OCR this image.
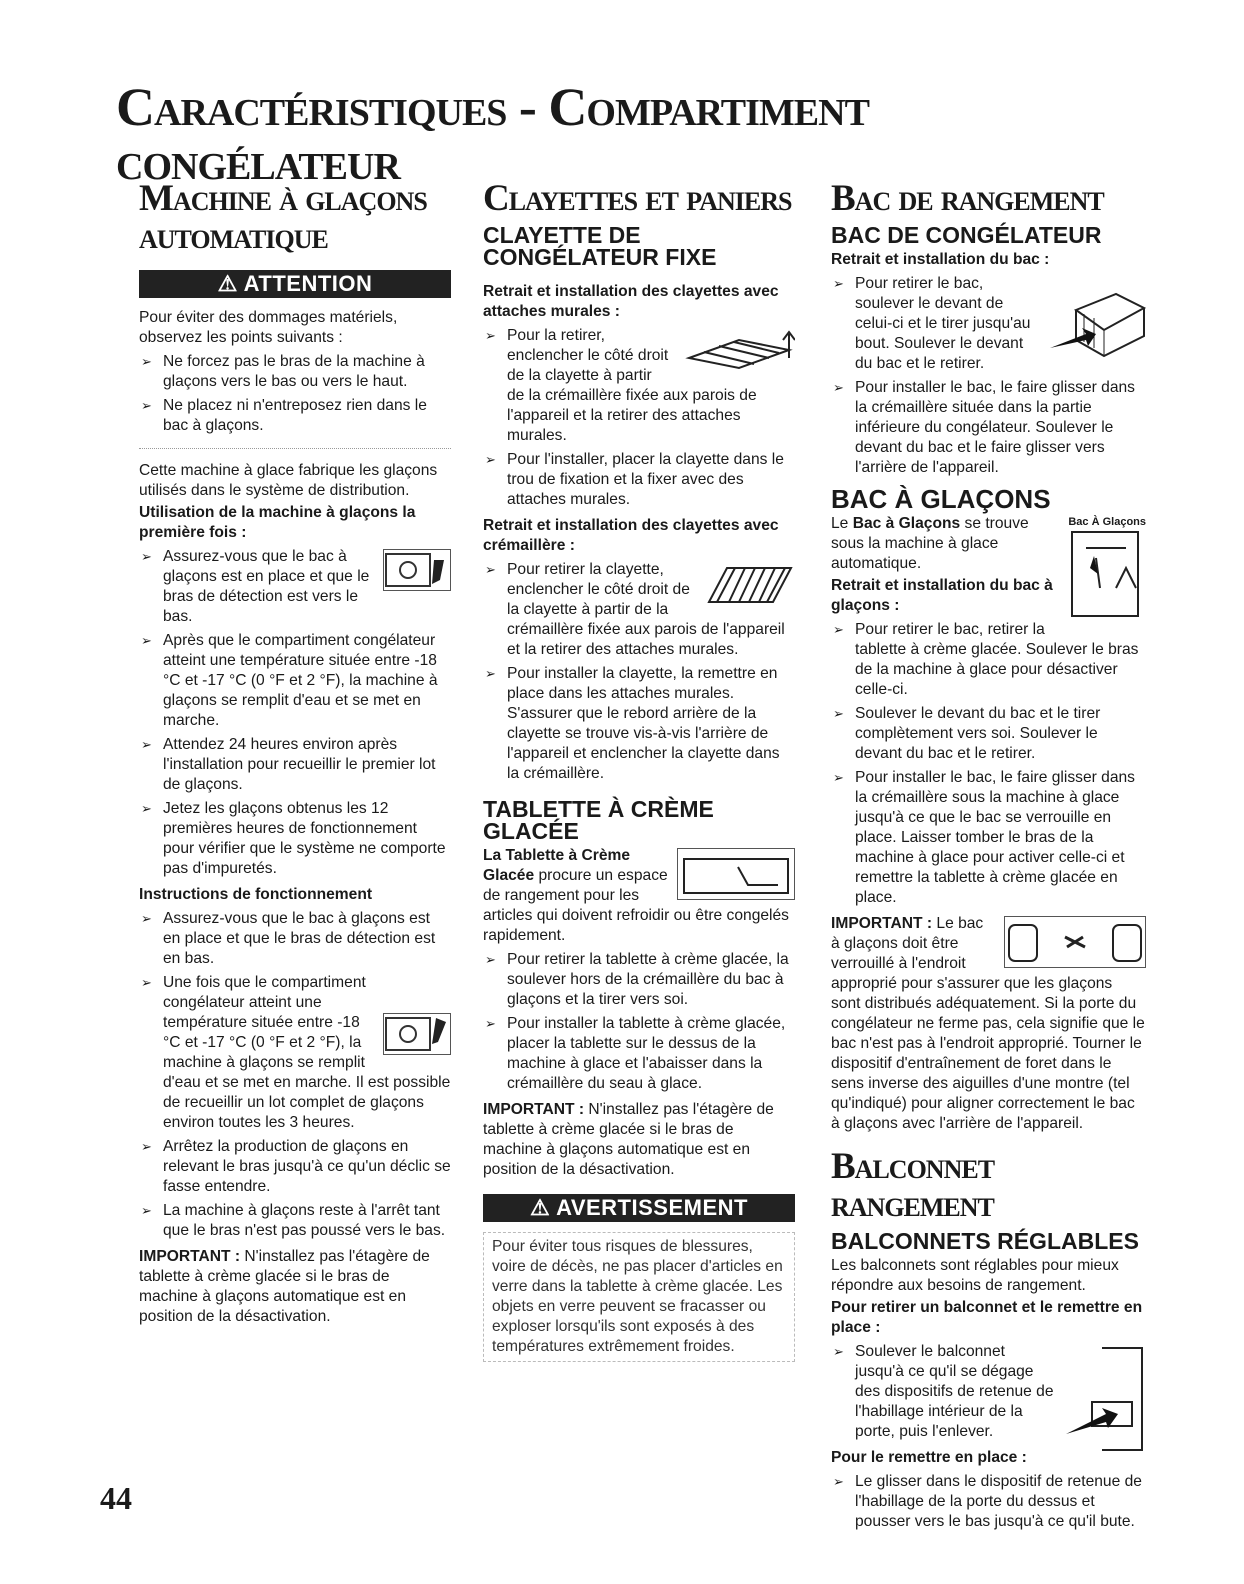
Caractéristiques - Compartiment congélateur
Machine à glaçons automatique
⚠ ATTENTION

Pour éviter des dommages matériels, observez les points suivants :

➢ Ne forcez pas le bras de la machine à glaçons vers le bas ou vers le haut.
➢ Ne placez ni n'entreposez rien dans le bac à glaçons.

Cette machine à glace fabrique les glaçons utilisés dans le système de distribution.

Utilisation de la machine à glaçons la première fois :

➢ Assurez-vous que le bac à glaçons est en place et que le bras de détection est vers le bas.
➢ Après que le compartiment congélateur atteint une température située entre -18 °C et -17 °C (0 °F et 2 °F), la machine à glaçons se remplit d'eau et se met en marche.
➢ Attendez 24 heures environ après l'installation pour recueillir le premier lot de glaçons.
➢ Jetez les glaçons obtenus les 12 premières heures de fonctionnement pour vérifier que le système ne comporte pas d'impuretés.

Instructions de fonctionnement

➢ Assurez-vous que le bac à glaçons est en place et que le bras de détection est en bas.
➢ Une fois que le compartiment congélateur atteint une température située entre -18 °C et -17 °C (0 °F et 2 °F), la machine à glaçons se remplit d'eau et se met en marche. Il est possible de recueillir un lot complet de glaçons environ toutes les 3 heures.
➢ Arrêtez la production de glaçons en relevant le bras jusqu'à ce qu'un déclic se fasse entendre.
➢ La machine à glaçons reste à l'arrêt tant que le bras n'est pas poussé vers le bas.

IMPORTANT : N'installez pas l'étagère de tablette à crème glacée si le bras de machine à glaçons automatique est en position de la désactivation.

Clayettes et paniers
CLAYETTE DE CONGÉLATEUR FIXE

Retrait et installation des clayettes avec attaches murales :

➢ Pour la retirer, enclencher le côté droit de la clayette à partir de la crémaillère fixée aux parois de l'appareil et la retirer des attaches murales.
➢ Pour l'installer, placer la clayette dans le trou de fixation et la fixer avec des attaches murales.

Retrait et installation des clayettes avec crémaillère :

➢ Pour retirer la clayette, enclencher le côté droit de la clayette à partir de la crémaillère fixée aux parois de l'appareil et la retirer des attaches murales.
➢ Pour installer la clayette, la remettre en place dans les attaches murales. S'assurer que le rebord arrière de la clayette se trouve vis-à-vis l'arrière de l'appareil et enclencher la clayette dans la crémaillère.
TABLETTE À CRÈME GLACÉE

La Tablette à Crème Glacée procure un espace de rangement pour les articles qui doivent refroidir ou être congelés rapidement.

➢ Pour retirer la tablette à crème glacée, la soulever hors de la crémaillère du bac à glaçons et la tirer vers soi.
➢ Pour installer la tablette à crème glacée, placer la tablette sur le dessus de la machine à glace et l'abaisser dans la crémaillère du seau à glace.

IMPORTANT : N'installez pas l'étagère de tablette à crème glacée si le bras de machine à glaçons automatique est en position de la désactivation.

⚠ AVERTISSEMENT

Pour éviter tous risques de blessures, voire de décès, ne pas placer d'articles en verre dans la tablette à crème glacée. Les objets en verre peuvent se fracasser ou exploser lorsqu'ils sont exposés à des températures extrêmement froides.

Bac de rangement
BAC DE CONGÉLATEUR

Retrait et installation du bac :

➢ Pour retirer le bac, soulever le devant de celui-ci et le tirer jusqu'au bout. Soulever le devant du bac et le retirer.
➢ Pour installer le bac, le faire glisser dans la crémaillère située dans la partie inférieure du congélateur. Soulever le devant du bac et le faire glisser vers l'arrière de l'appareil.
BAC À GLAÇONS

Bac À Glaçons
Le Bac à Glaçons se trouve sous la machine à glace automatique.

Retrait et installation du bac à glaçons :

➢ Pour retirer le bac, retirer la tablette à crème glacée. Soulever le bras de la machine à glace pour désactiver celle-ci.
➢ Soulever le devant du bac et le tirer complètement vers soi. Soulever le devant du bac et le retirer.
➢ Pour installer le bac, le faire glisser dans la crémaillère sous la machine à glace jusqu'à ce que le bac se verrouille en place. Laisser tomber le bras de la machine à glace pour activer celle-ci et remettre la tablette à crème glacée en place.

IMPORTANT : Le bac à glaçons doit être verrouillé à l'endroit approprié pour s'assurer que les glaçons sont distribués adéquatement. Si la porte du congélateur ne ferme pas, cela signifie que le bac n'est pas à l'endroit approprié. Tourner le dispositif d'entraînement de foret dans le sens inverse des aiguilles d'une montre (tel qu'indiqué) pour aligner correctement le bac à glaçons avec l'arrière de l'appareil.

Balconnet rangement
BALCONNETS RÉGLABLES

Les balconnets sont réglables pour mieux répondre aux besoins de rangement.

Pour retirer un balconnet et le remettre en place :

➢ Soulever le balconnet jusqu'à ce qu'il se dégage des dispositifs de retenue de l'habillage intérieur de la porte, puis l'enlever.

Pour le remettre en place :

➢ Le glisser dans le dispositif de retenue de l'habillage de la porte du dessus et pousser vers le bas jusqu'à ce qu'il bute.
44
